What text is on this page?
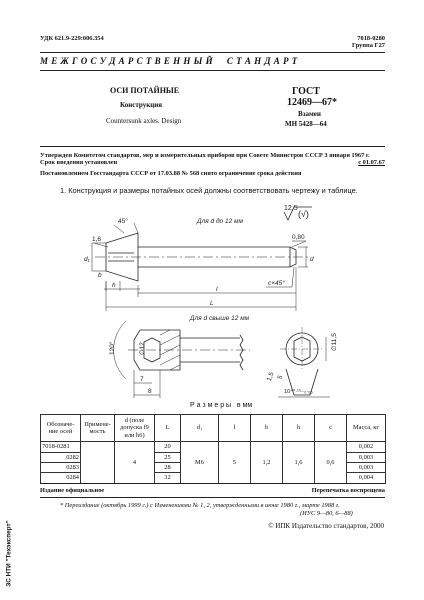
УДК 621.9-229:006.354	7018-0280
Группа Г27
М Е Ж Г О С У Д А Р С Т В Е Н Н Ы Й     С Т А Н Д А Р Т
ОСИ ПОТАЙНЫЕ
Конструкция
Countersunk axles. Design
ГОСТ
12469—67*
Взамен
МН 5428—64
Утвержден Комитетом стандартов, мер и измерительных приборов при Совете Министров СССР 3 января 1967 г.
Срок введения установлен	с 01.07.67
Постановлением Госстандарта СССР от 17.03.88 № 568 снято ограничение срока действия
1. Конструкция и размеры потайных осей должны соответствовать чертежу и таблице.
12,5
(√)
Для d до 12 мм
45°
1,6
d₁
b
h
0,80
d
c×45°
l
L
Для d свыше 12 мм
120°	∅12
7
8
∅11,5
1,5 5
10⁺⁰·¹⁵₋₀·₀₅
Р а з м е р ы   в мм
Обозначе-ние осей	Примене-мость	d (поле допуска f9 или h6)	L	d₁	l	b	h	c	Масса, кг
7018-0281		4	20	M6	5	1,2	1,6	0,6	0,002
0282			25						0,003
0283			28						0,003
0284			32						0,004
Издание официальное	Перепечатка воспрещена
* Переиздание (октябрь 1999 г.) с Изменениями № 1, 2, утвержденными в июне 1980 г., марте 1988 г.
(ИУС 9—80, 6—88)
© ИПК Издательство стандартов, 2000
ЗС НТИ "Техэксперт"
